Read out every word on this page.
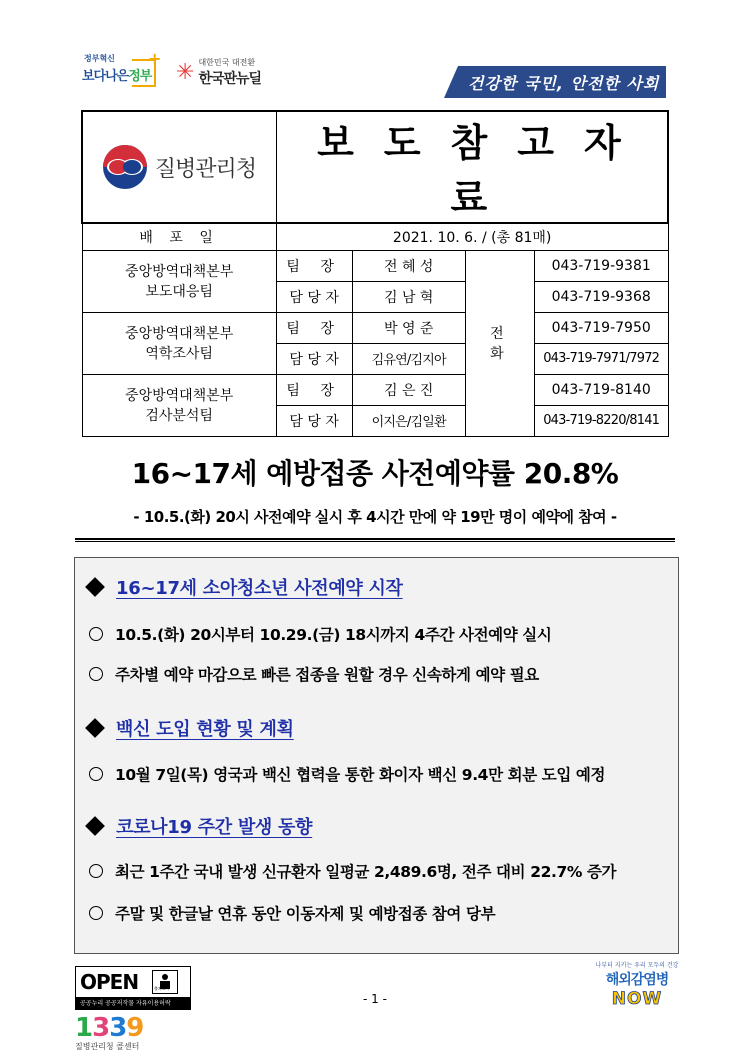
정부혁신
보다나은정부
+
✳ 대한민국 대전환
한국판뉴딜	건강한 국민, 안전한 사회
질병관리청	보도참고자료			
배 포 일	2021. 10. 6. / (총 81매)			

중앙방역대책본부
보도대응팀	팀 장	전 혜 성	전 화	043-719-9381
	담 당 자	김 남 혁		043-719-9368

중앙방역대책본부
역학조사팀	팀 장	박 영 준		043-719-7950
	담 당 자	김유연/김지아		043-719-7971/7972

중앙방역대책본부
검사분석팀	팀 장	김 은 진		043-719-8140
	담 당 자	이지은/김일환		043-719-8220/8141
16~17세 예방접종 사전예약률 20.8%
- 10.5.(화) 20시 사전예약 실시 후 4시간 만에 약 19만 명이 예약에 참여 -
16~17세 소아청소년 사전예약 시작
10.5.(화) 20시부터 10.29.(금) 18시까지 4주간 사전예약 실시
주차별 예약 마감으로 빠른 접종을 원할 경우 신속하게 예약 필요
백신 도입 현황 및 계획
10월 7일(목) 영국과 백신 협력을 통한 화이자 백신 9.4만 회분 도입 예정
코로나19 주간 발생 동향
최근 1주간 국내 발생 신규환자 일평균 2,489.6명, 전주 대비 22.7% 증가
주말 및 한글날 연휴 동안 이동자제 및 예방접종 참여 당부
OPEN	출처표시
공공누리 공공저작물 자유이용허락	- 1 -
나부터 지키는 우리 모두의 건강
해외감염병
NOW
1339
질병관리청 콜센터
